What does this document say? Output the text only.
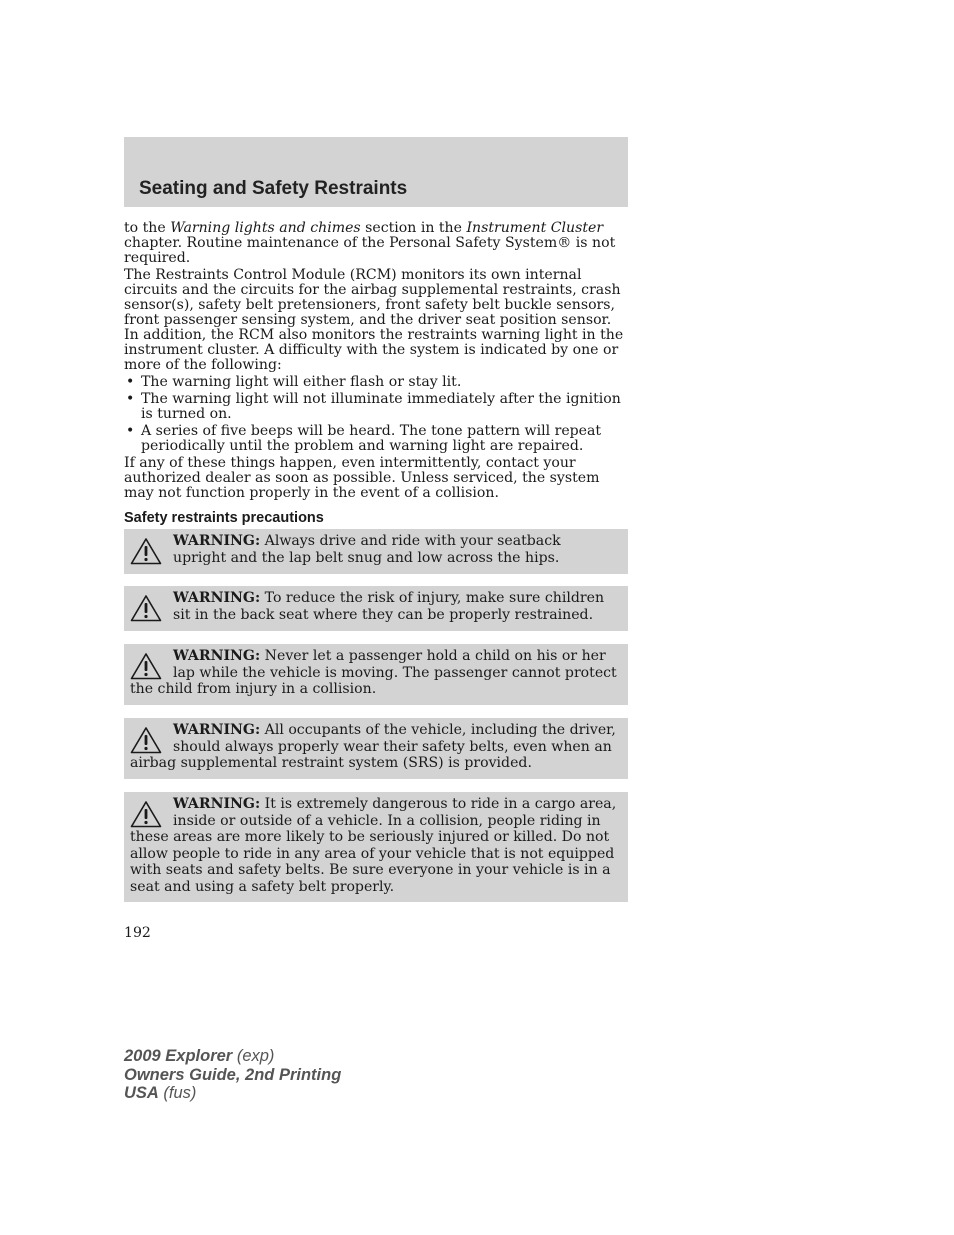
Seating and Safety Restraints

to the Warning lights and chimes section in the Instrument Cluster chapter. Routine maintenance of the Personal Safety System® is not required.

The Restraints Control Module (RCM) monitors its own internal circuits and the circuits for the airbag supplemental restraints, crash sensor(s), safety belt pretensioners, front safety belt buckle sensors, front passenger sensing system, and the driver seat position sensor. In addition, the RCM also monitors the restraints warning light in the instrument cluster. A difficulty with the system is indicated by one or more of the following:

• The warning light will either flash or stay lit.
• The warning light will not illuminate immediately after the ignition is turned on.
• A series of five beeps will be heard. The tone pattern will repeat periodically until the problem and warning light are repaired.

If any of these things happen, even intermittently, contact your authorized dealer as soon as possible. Unless serviced, the system may not function properly in the event of a collision.

Safety restraints precautions
WARNING: Always drive and ride with your seatback upright and the lap belt snug and low across the hips.
WARNING: To reduce the risk of injury, make sure children sit in the back seat where they can be properly restrained.
WARNING: Never let a passenger hold a child on his or her lap while the vehicle is moving. The passenger cannot protect the child from injury in a collision.
WARNING: All occupants of the vehicle, including the driver, should always properly wear their safety belts, even when an airbag supplemental restraint system (SRS) is provided.
WARNING: It is extremely dangerous to ride in a cargo area, inside or outside of a vehicle. In a collision, people riding in these areas are more likely to be seriously injured or killed. Do not allow people to ride in any area of your vehicle that is not equipped with seats and safety belts. Be sure everyone in your vehicle is in a seat and using a safety belt properly.
192
2009 Explorer (exp)
Owners Guide, 2nd Printing
USA (fus)
